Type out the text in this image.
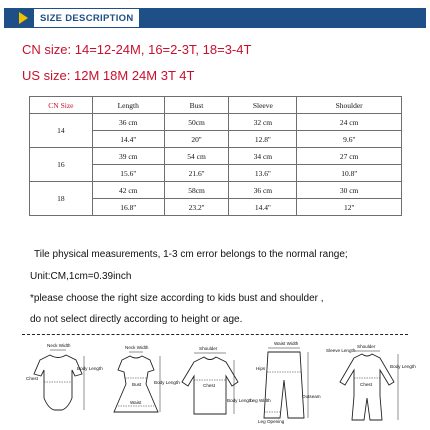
SIZE DESCRIPTION
CN size: 14=12-24M, 16=2-3T, 18=3-4T
US size: 12M 18M 24M 3T 4T
CN Size	Length	Bust	Sleeve	Shoulder
14	36 cm	50cm	32 cm	24 cm
	14.4''	20''	12.8''	9.6''
16	39 cm	54 cm	34 cm	27 cm
	15.6''	21.6''	13.6''	10.8''
18	42 cm	58cm	36 cm	30 cm
	16.8''	23.2''	14.4''	12''
Tile physical measurements, 1-3 cm error belongs to the normal range;
Unit:CM,1cm=0.39inch
*please choose the right size according to kids bust and shoulder ,
do not select directly according to height or age.
Neck Width
Chest
Body Length
Neck Width
Bust
Waist
Body Length
Shoulder
Chest
Body Length
Waist Width
Hips
Leg Width
Leg Opening
Outseam
Sleeve Length
Shoulder
Chest
Body Length
